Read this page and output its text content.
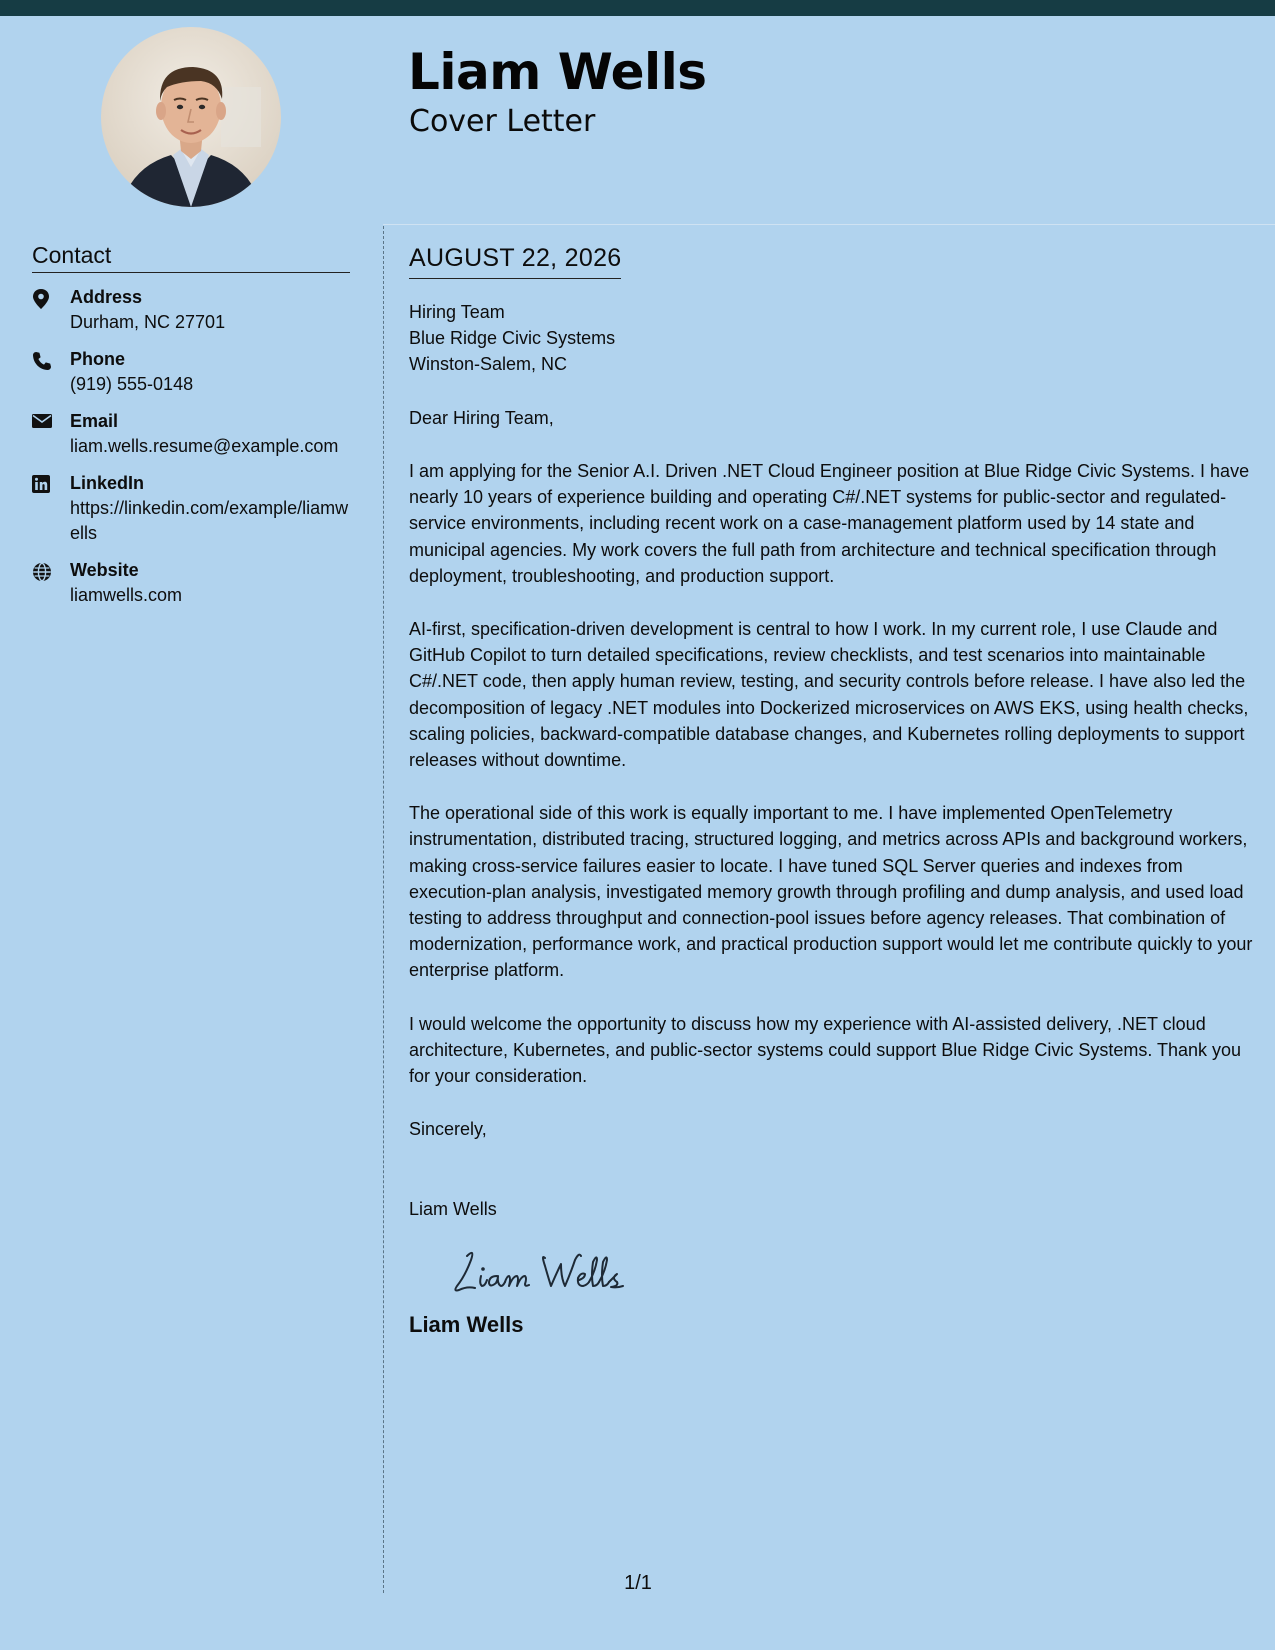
Liam Wells
Cover Letter
Contact
Address
Durham, NC 27701
Phone
(919) 555-0148
Email
liam.wells.resume@example.com
LinkedIn
https://linkedin.com/example/liamwells
Website
liamwells.com
AUGUST 22, 2026
Hiring Team
Blue Ridge Civic Systems
Winston-Salem, NC
Dear Hiring Team,

I am applying for the Senior A.I. Driven .NET Cloud Engineer position at Blue Ridge Civic Systems. I have nearly 10 years of experience building and operating C#/.NET systems for public-sector and regulated-service environments, including recent work on a case-management platform used by 14 state and municipal agencies. My work covers the full path from architecture and technical specification through deployment, troubleshooting, and production support.

AI-first, specification-driven development is central to how I work. In my current role, I use Claude and GitHub Copilot to turn detailed specifications, review checklists, and test scenarios into maintainable C#/.NET code, then apply human review, testing, and security controls before release. I have also led the decomposition of legacy .NET modules into Dockerized microservices on AWS EKS, using health checks, scaling policies, backward-compatible database changes, and Kubernetes rolling deployments to support releases without downtime.

The operational side of this work is equally important to me. I have implemented OpenTelemetry instrumentation, distributed tracing, structured logging, and metrics across APIs and background workers, making cross-service failures easier to locate. I have tuned SQL Server queries and indexes from execution-plan analysis, investigated memory growth through profiling and dump analysis, and used load testing to address throughput and connection-pool issues before agency releases. That combination of modernization, performance work, and practical production support would let me contribute quickly to your enterprise platform.

I would welcome the opportunity to discuss how my experience with AI-assisted delivery, .NET cloud architecture, Kubernetes, and public-sector systems could support Blue Ridge Civic Systems. Thank you for your consideration.

Sincerely,
Liam Wells
Liam Wells
1/1
